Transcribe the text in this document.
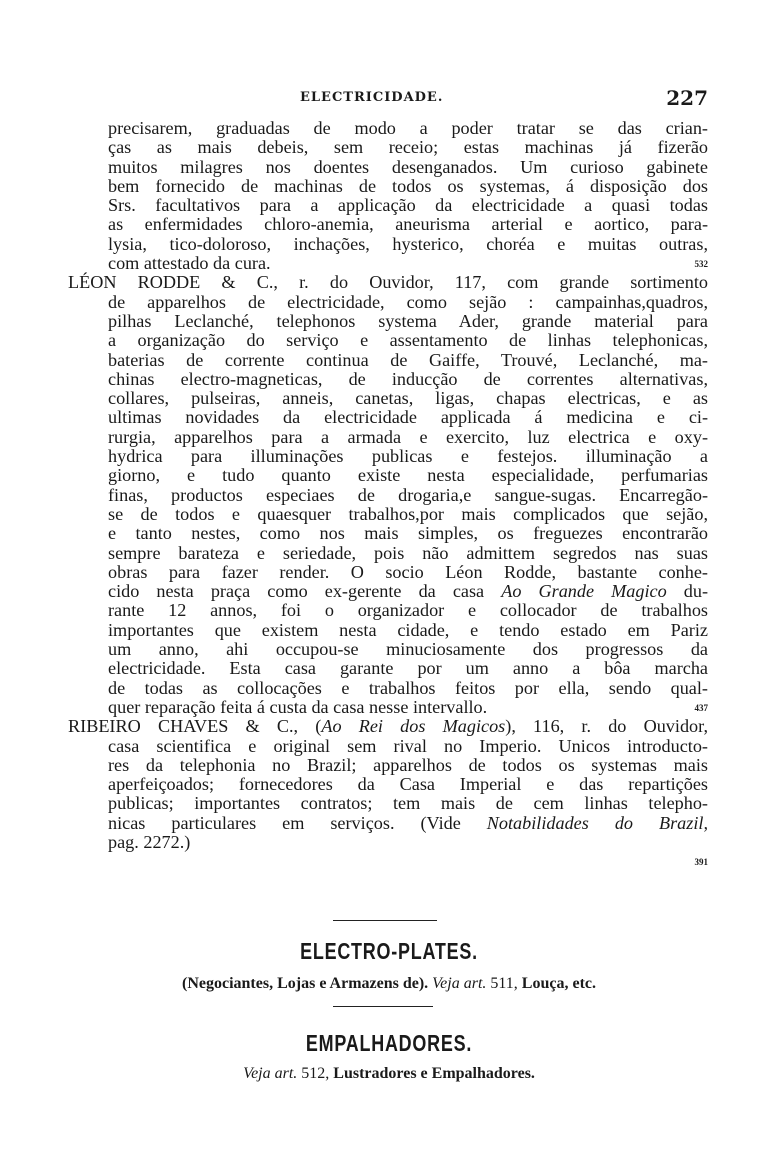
ELECTRICIDADE.	227
precisarem, graduadas de modo a poder tratar se das crian-
ças as mais debeis, sem receio; estas machinas já fizerão
muitos milagres nos doentes desenganados. Um curioso gabinete
bem fornecido de machinas de todos os systemas, á disposição dos
Srs. facultativos para a applicação da electricidade a quasi todas
as enfermidades chloro-anemia, aneurisma arterial e aortico, para-
lysia, tico-doloroso, inchações, hysterico, choréa e muitas outras,
com attestado da cura.	532
LÉON RODDE & C., r. do Ouvidor, 117, com grande sortimento
de apparelhos de electricidade, como sejão : campainhas,quadros,
pilhas Leclanché, telephonos systema Ader, grande material para
a organização do serviço e assentamento de linhas telephonicas,
baterias de corrente continua de Gaiffe, Trouvé, Leclanché, ma-
chinas electro-magneticas, de inducção de correntes alternativas,
collares, pulseiras, anneis, canetas, ligas, chapas electricas, e as
ultimas novidades da electricidade applicada á medicina e ci-
rurgia, apparelhos para a armada e exercito, luz electrica e oxy-
hydrica para illuminações publicas e festejos. illuminação a
giorno, e tudo quanto existe nesta especialidade, perfumarias
finas, productos especiaes de drogaria,e sangue-sugas. Encarregão-
se de todos e quaesquer trabalhos,por mais complicados que sejão,
e tanto nestes, como nos mais simples, os freguezes encontrarão
sempre barateza e seriedade, pois não admittem segredos nas suas
obras para fazer render. O socio Léon Rodde, bastante conhe-
cido nesta praça como ex-gerente da casa Ao Grande Magico du-
rante 12 annos, foi o organizador e collocador de trabalhos
importantes que existem nesta cidade, e tendo estado em Pariz
um anno, ahi occupou-se minuciosamente dos progressos da
electricidade. Esta casa garante por um anno a bôa marcha
de todas as collocações e trabalhos feitos por ella, sendo qual-
quer reparação feita á custa da casa nesse intervallo.	437
RIBEIRO CHAVES & C., (Ao Rei dos Magicos), 116, r. do Ouvidor,
casa scientifica e original sem rival no Imperio. Unicos introducto-
res da telephonia no Brazil; apparelhos de todos os systemas mais
aperfeiçoados; fornecedores da Casa Imperial e das repartições
publicas; importantes contratos; tem mais de cem linhas telepho-
nicas particulares em serviços. (Vide Notabilidades do Brazil,
pag. 2272.)
391
ELECTRO-PLATES.
(Negociantes, Lojas e Armazens de). Veja art. 511, Louça, etc.
EMPALHADORES.
Veja art. 512, Lustradores e Empalhadores.
